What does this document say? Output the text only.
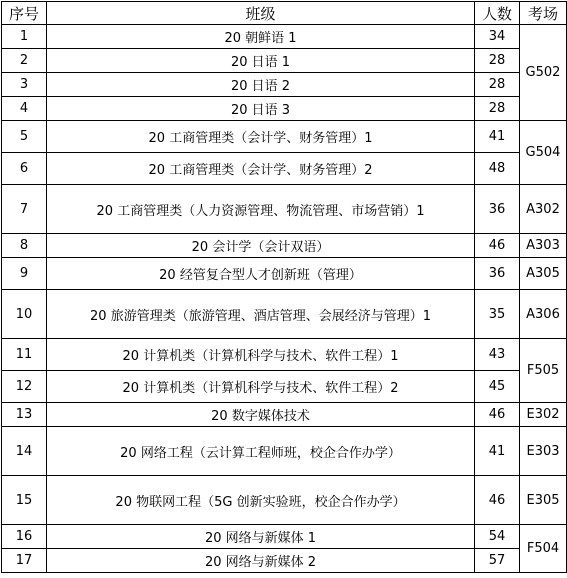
序号	班级	人数	考场
1	20 朝鲜语 1	34	G502
2	20 日语 1	28	
3	20 日语 2	28	
4	20 日语 3	28	
5	20 工商管理类（会计学、财务管理）1	41	G504
6	20 工商管理类（会计学、财务管理）2	48	
7	20 工商管理类（人力资源管理、物流管理、市场营销）1	36	A302
8	20 会计学（会计双语）	46	A303
9	20 经管复合型人才创新班（管理）	36	A305
10	20 旅游管理类（旅游管理、酒店管理、会展经济与管理）1	35	A306
11	20 计算机类（计算机科学与技术、软件工程）1	43	F505
12	20 计算机类（计算机科学与技术、软件工程）2	45	
13	20 数字媒体技术	46	E302
14	20 网络工程（云计算工程师班，校企合作办学）	41	E303
15	20 物联网工程（5G 创新实验班，校企合作办学）	46	E305
16	20 网络与新媒体 1	54	F504
17	20 网络与新媒体 2	57	
